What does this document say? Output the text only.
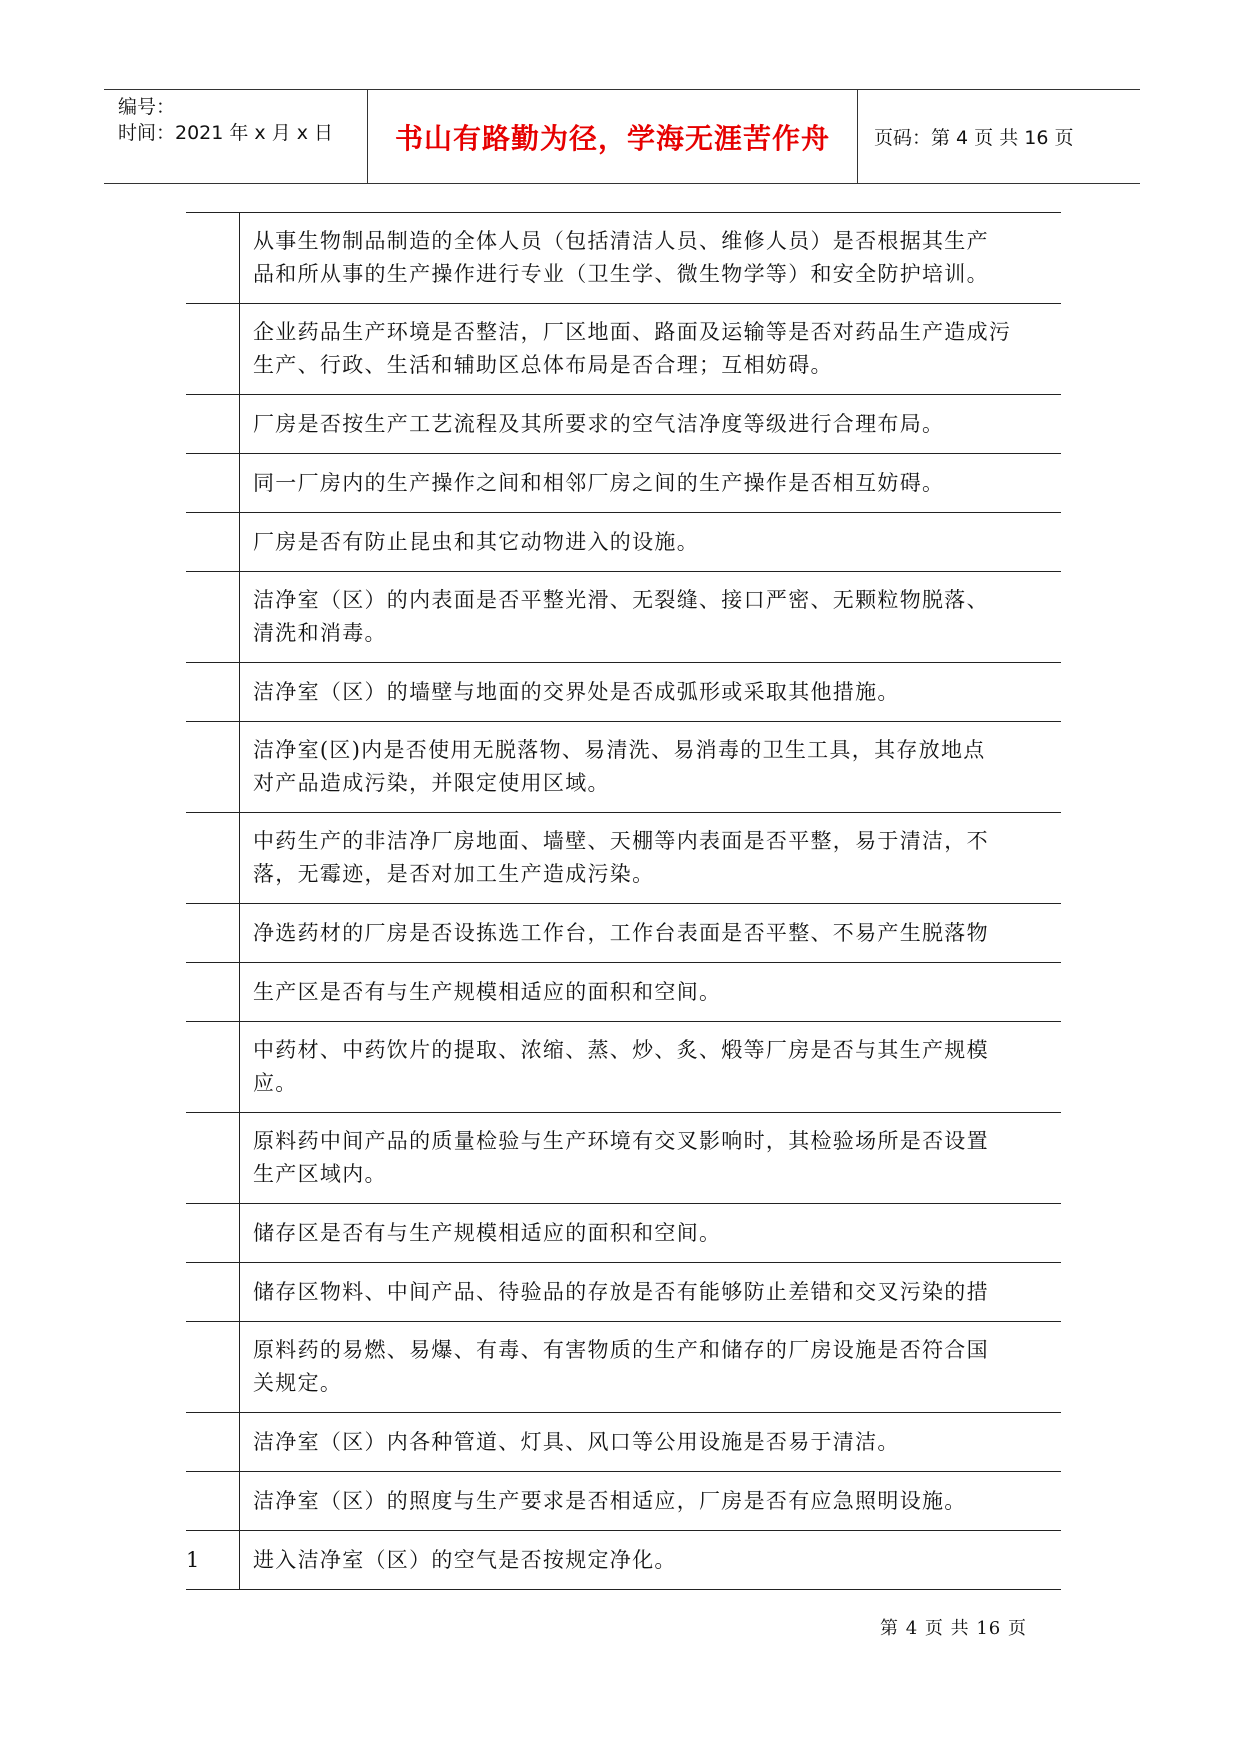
编号：
时间：2021 年 x 月 x 日	书山有路勤为径，学海无涯苦作舟	页码：第 4 页 共 16 页

	从事生物制品制造的全体人员（包括清洁人员、维修人员）是否根据其生产
品和所从事的生产操作进行专业（卫生学、微生物学等）和安全防护培训。

	企业药品生产环境是否整洁，厂区地面、路面及运输等是否对药品生产造成污
生产、行政、生活和辅助区总体布局是否合理；互相妨碍。

	厂房是否按生产工艺流程及其所要求的空气洁净度等级进行合理布局。

	同一厂房内的生产操作之间和相邻厂房之间的生产操作是否相互妨碍。

	厂房是否有防止昆虫和其它动物进入的设施。

	洁净室（区）的内表面是否平整光滑、无裂缝、接口严密、无颗粒物脱落、
清洗和消毒。

	洁净室（区）的墙壁与地面的交界处是否成弧形或采取其他措施。

	洁净室(区)内是否使用无脱落物、易清洗、易消毒的卫生工具，其存放地点
对产品造成污染，并限定使用区域。

	中药生产的非洁净厂房地面、墙壁、天棚等内表面是否平整，易于清洁，不
落，无霉迹，是否对加工生产造成污染。

	净选药材的厂房是否设拣选工作台，工作台表面是否平整、不易产生脱落物

	生产区是否有与生产规模相适应的面积和空间。

	中药材、中药饮片的提取、浓缩、蒸、炒、炙、煅等厂房是否与其生产规模
应。

	原料药中间产品的质量检验与生产环境有交叉影响时，其检验场所是否设置
生产区域内。

	储存区是否有与生产规模相适应的面积和空间。

	储存区物料、中间产品、待验品的存放是否有能够防止差错和交叉污染的措

	原料药的易燃、易爆、有毒、有害物质的生产和储存的厂房设施是否符合国
关规定。

	洁净室（区）内各种管道、灯具、风口等公用设施是否易于清洁。

	洁净室（区）的照度与生产要求是否相适应，厂房是否有应急照明设施。

1	进入洁净室（区）的空气是否按规定净化。
第 4 页 共 16 页
